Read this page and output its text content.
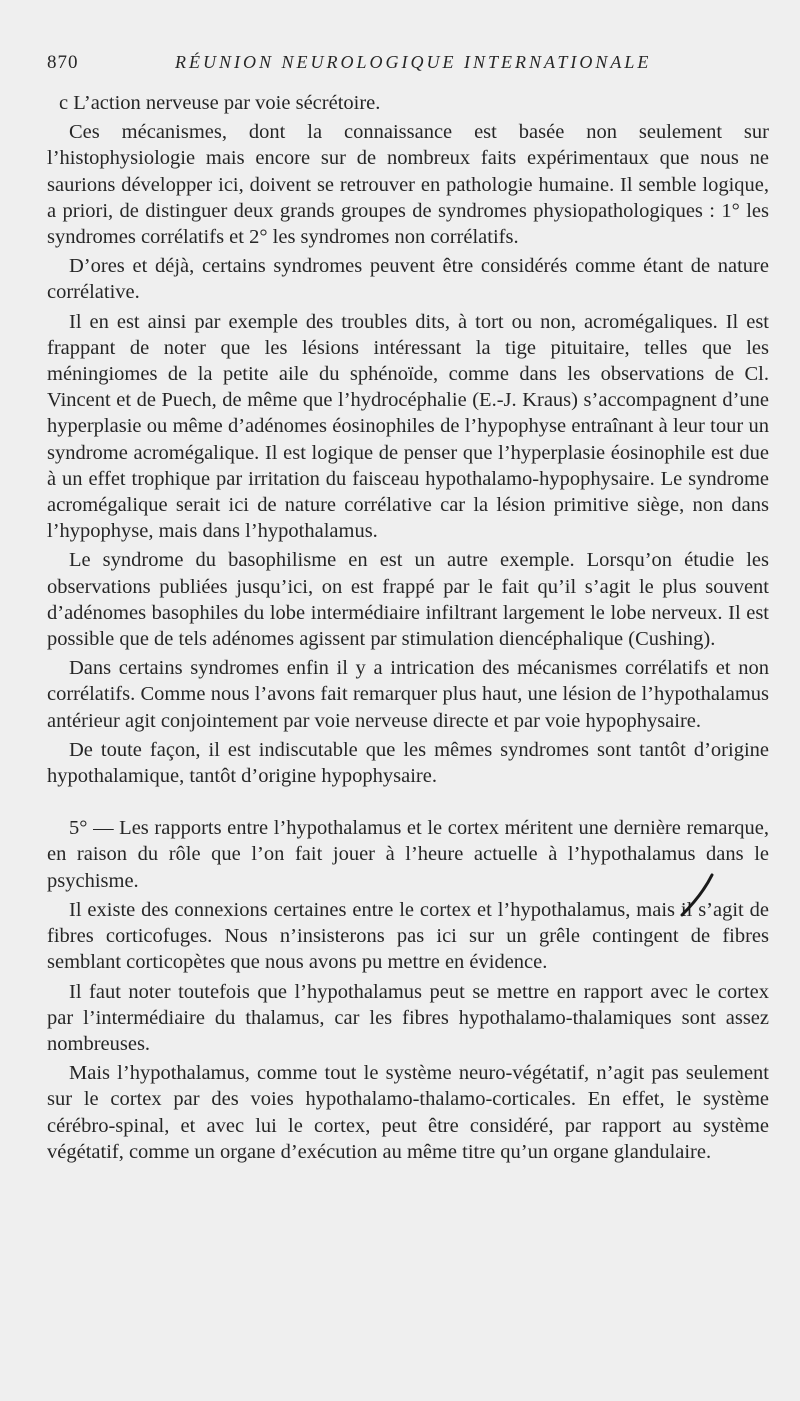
870	RÉUNION NEUROLOGIQUE INTERNATIONALE

c L’action nerveuse par voie sécrétoire.

Ces mécanismes, dont la connaissance est basée non seulement sur l’histophysiologie mais encore sur de nombreux faits expérimentaux que nous ne saurions développer ici, doivent se retrouver en pathologie humaine. Il semble logique, a priori, de distinguer deux grands groupes de syndromes physiopathologiques : 1° les syndromes corrélatifs et 2° les syndromes non corrélatifs.

D’ores et déjà, certains syndromes peuvent être considérés comme étant de nature corrélative.

Il en est ainsi par exemple des troubles dits, à tort ou non, acromégaliques. Il est frappant de noter que les lésions intéressant la tige pituitaire, telles que les méningiomes de la petite aile du sphénoïde, comme dans les observations de Cl. Vincent et de Puech, de même que l’hydrocéphalie (E.-J. Kraus) s’accompagnent d’une hyperplasie ou même d’adénomes éosinophiles de l’hypophyse entraînant à leur tour un syndrome acromégalique. Il est logique de penser que l’hyperplasie éosinophile est due à un effet trophique par irritation du faisceau hypothalamo-hypophysaire. Le syndrome acromégalique serait ici de nature corrélative car la lésion primitive siège, non dans l’hypophyse, mais dans l’hypothalamus.

Le syndrome du basophilisme en est un autre exemple. Lorsqu’on étudie les observations publiées jusqu’ici, on est frappé par le fait qu’il s’agit le plus souvent d’adénomes basophiles du lobe intermédiaire infiltrant largement le lobe nerveux. Il est possible que de tels adénomes agissent par stimulation diencéphalique (Cushing).

Dans certains syndromes enfin il y a intrication des mécanismes corrélatifs et non corrélatifs. Comme nous l’avons fait remarquer plus haut, une lésion de l’hypothalamus antérieur agit conjointement par voie nerveuse directe et par voie hypophysaire.

De toute façon, il est indiscutable que les mêmes syndromes sont tantôt d’origine hypothalamique, tantôt d’origine hypophysaire.

5° — Les rapports entre l’hypothalamus et le cortex méritent une dernière remarque, en raison du rôle que l’on fait jouer à l’heure actuelle à l’hypothalamus dans le psychisme.

Il existe des connexions certaines entre le cortex et l’hypothalamus, mais il s’agit de fibres corticofuges. Nous n’insisterons pas ici sur un grêle contingent de fibres semblant corticopètes que nous avons pu mettre en évidence.

Il faut noter toutefois que l’hypothalamus peut se mettre en rapport avec le cortex par l’intermédiaire du thalamus, car les fibres hypothalamo-thalamiques sont assez nombreuses.

Mais l’hypothalamus, comme tout le système neuro-végétatif, n’agit pas seulement sur le cortex par des voies hypothalamo-thalamo-corticales. En effet, le système cérébro-spinal, et avec lui le cortex, peut être considéré, par rapport au système végétatif, comme un organe d’exécution au même titre qu’un organe glandulaire.
